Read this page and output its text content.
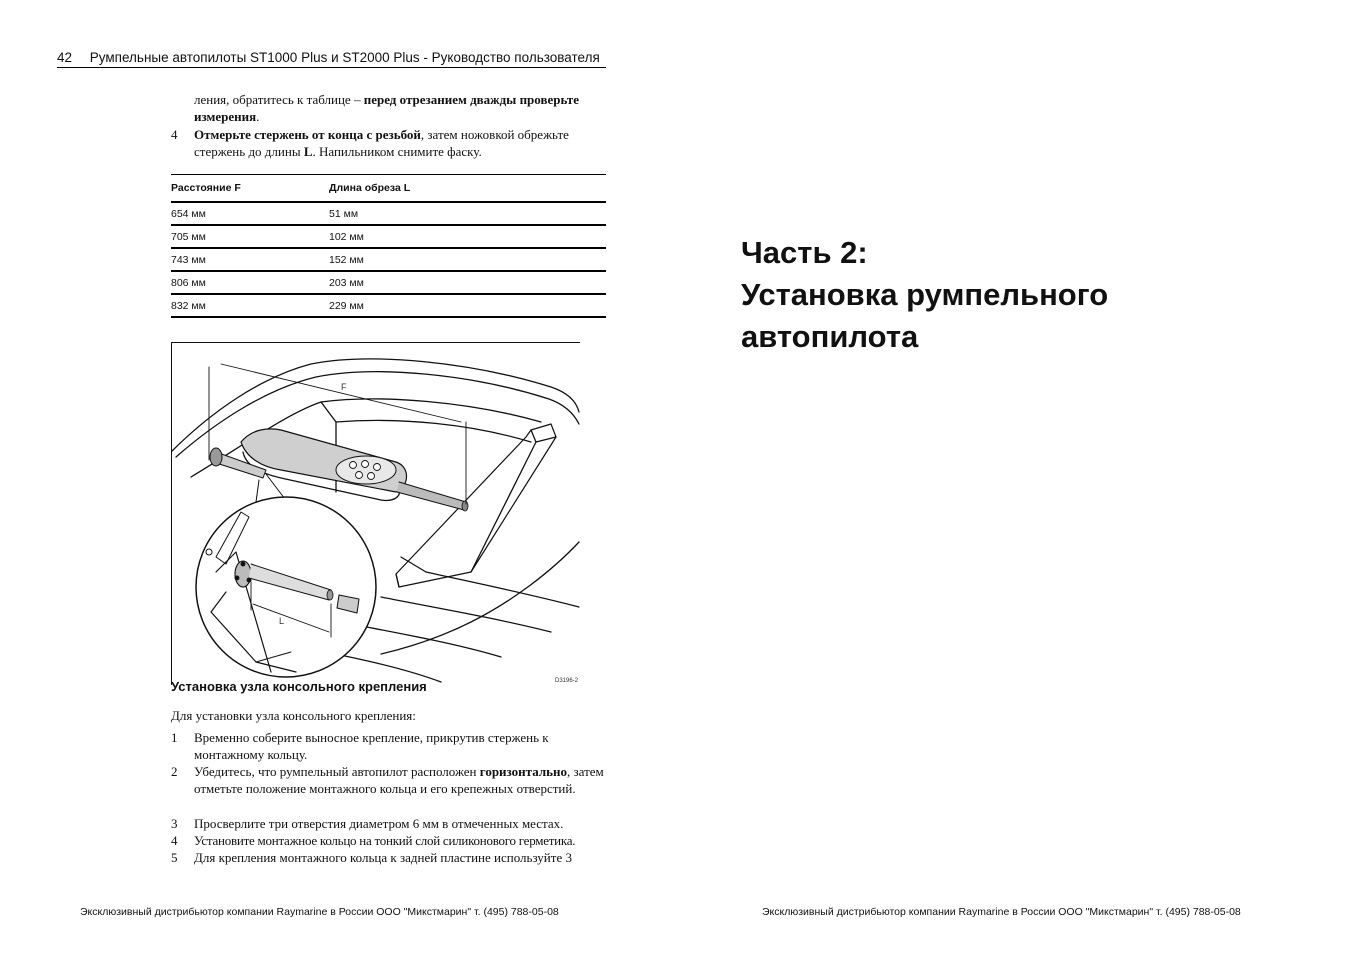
42 Румпельные автопилоты ST1000 Plus и ST2000 Plus - Руководство пользователя
ления, обратитесь к таблице – перед отрезанием дважды проверьте измерения.
4	Отмерьте стержень от конца с резьбой, затем ножовкой обрежьте стержень до длины L. Напильником снимите фаску.
Расстояние F	Длина обреза L
654 мм	51 мм
705 мм	102 мм
743 мм	152 мм
806 мм	203 мм
832 мм	229 мм
F
L
D3196-2
Установка узла консольного крепления
Для установки узла консольного крепления:
1	Временно соберите выносное крепление, прикрутив стержень к монтажному кольцу.
2	Убедитесь, что румпельный автопилот расположен горизонтально, затем отметьте положение монтажного кольца и его крепежных отверстий.
3	Просверлите три отверстия диаметром 6 мм в отмеченных местах.
4	Установите монтажное кольцо на тонкий слой силиконового герметика.
5	Для крепления монтажного кольца к задней пластине используйте 3
Часть 2:
Установка румпельного
автопилота
Эксклюзивный дистрибьютор компании Raymarine в России ООО "Микстмарин" т. (495) 788-05-08	Эксклюзивный дистрибьютор компании Raymarine в России ООО "Микстмарин" т. (495) 788-05-08
